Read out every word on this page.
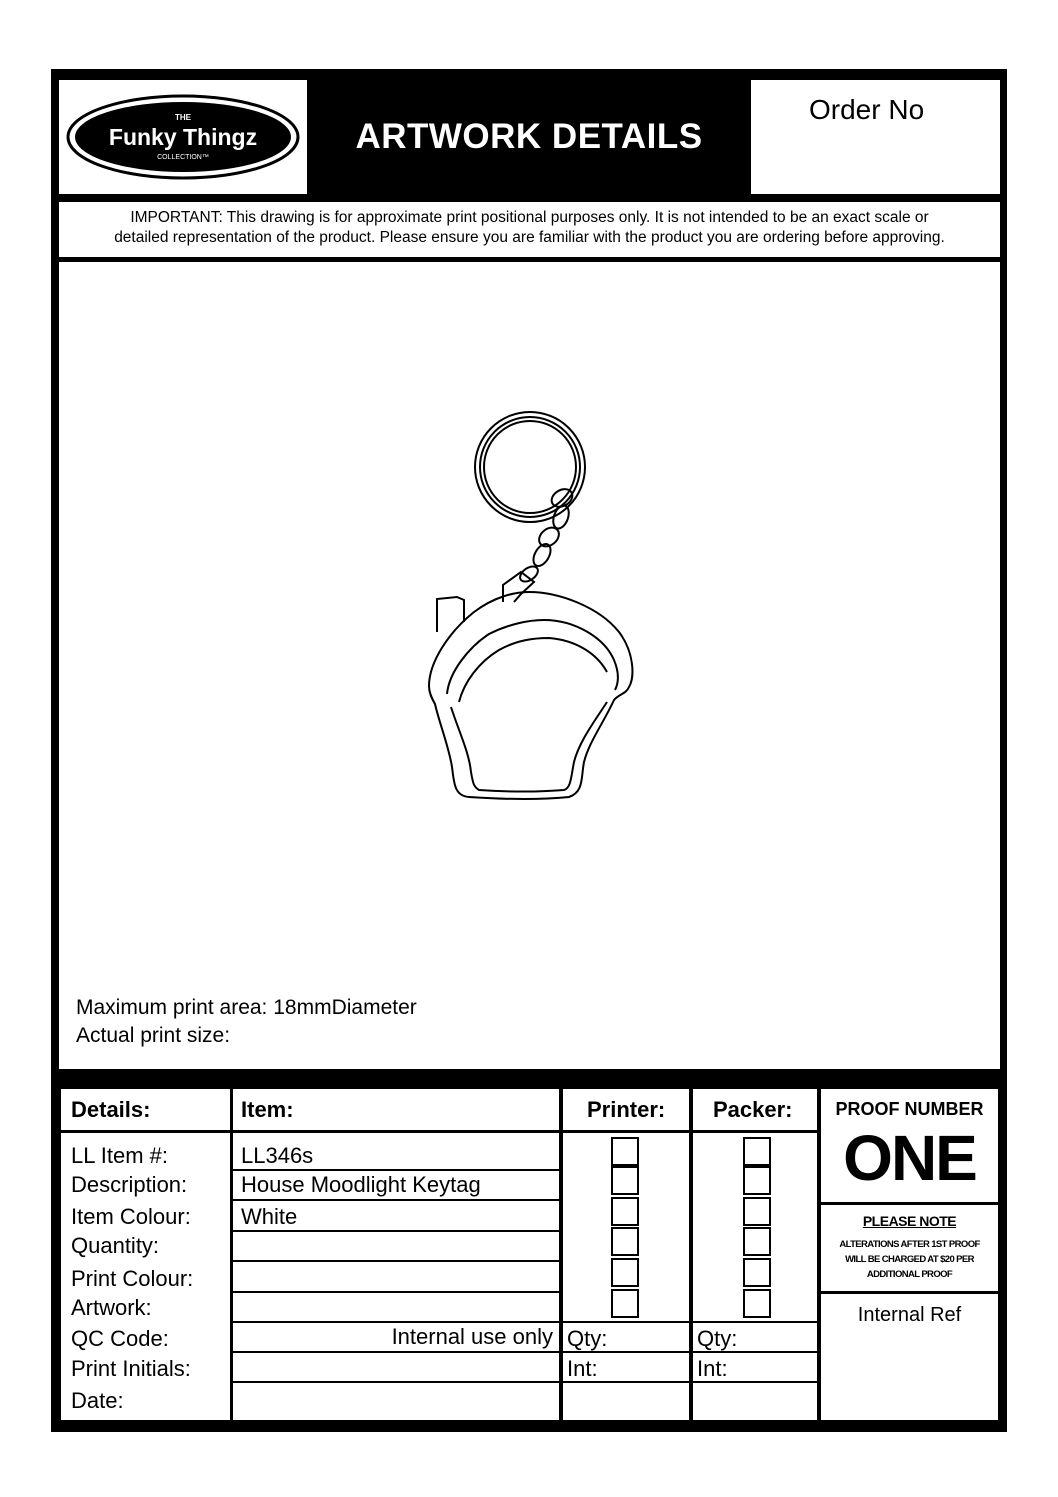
THE
Funky Thingz
COLLECTION™
ARTWORK DETAILS
Order No
IMPORTANT: This drawing is for approximate print positional purposes only. It is not intended to be an exact scale or
detailed representation of the product. Please ensure you are familiar with the product you are ordering before approving.
Maximum print area: 18mmDiameter
Actual print size:
Details:
LL Item #:
Description:
Item Colour:
Quantity:
Print Colour:
Artwork:
QC Code:
Print Initials:
Date:
Item:
LL346s
House Moodlight Keytag
White
Internal use only
Printer:
Qty:
Int:
Packer:
Qty:
Int:
PROOF NUMBER
ONE
PLEASE NOTE
ALTERATIONS AFTER 1ST PROOF
WILL BE CHARGED AT $20 PER
ADDITIONAL PROOF
Internal Ref
